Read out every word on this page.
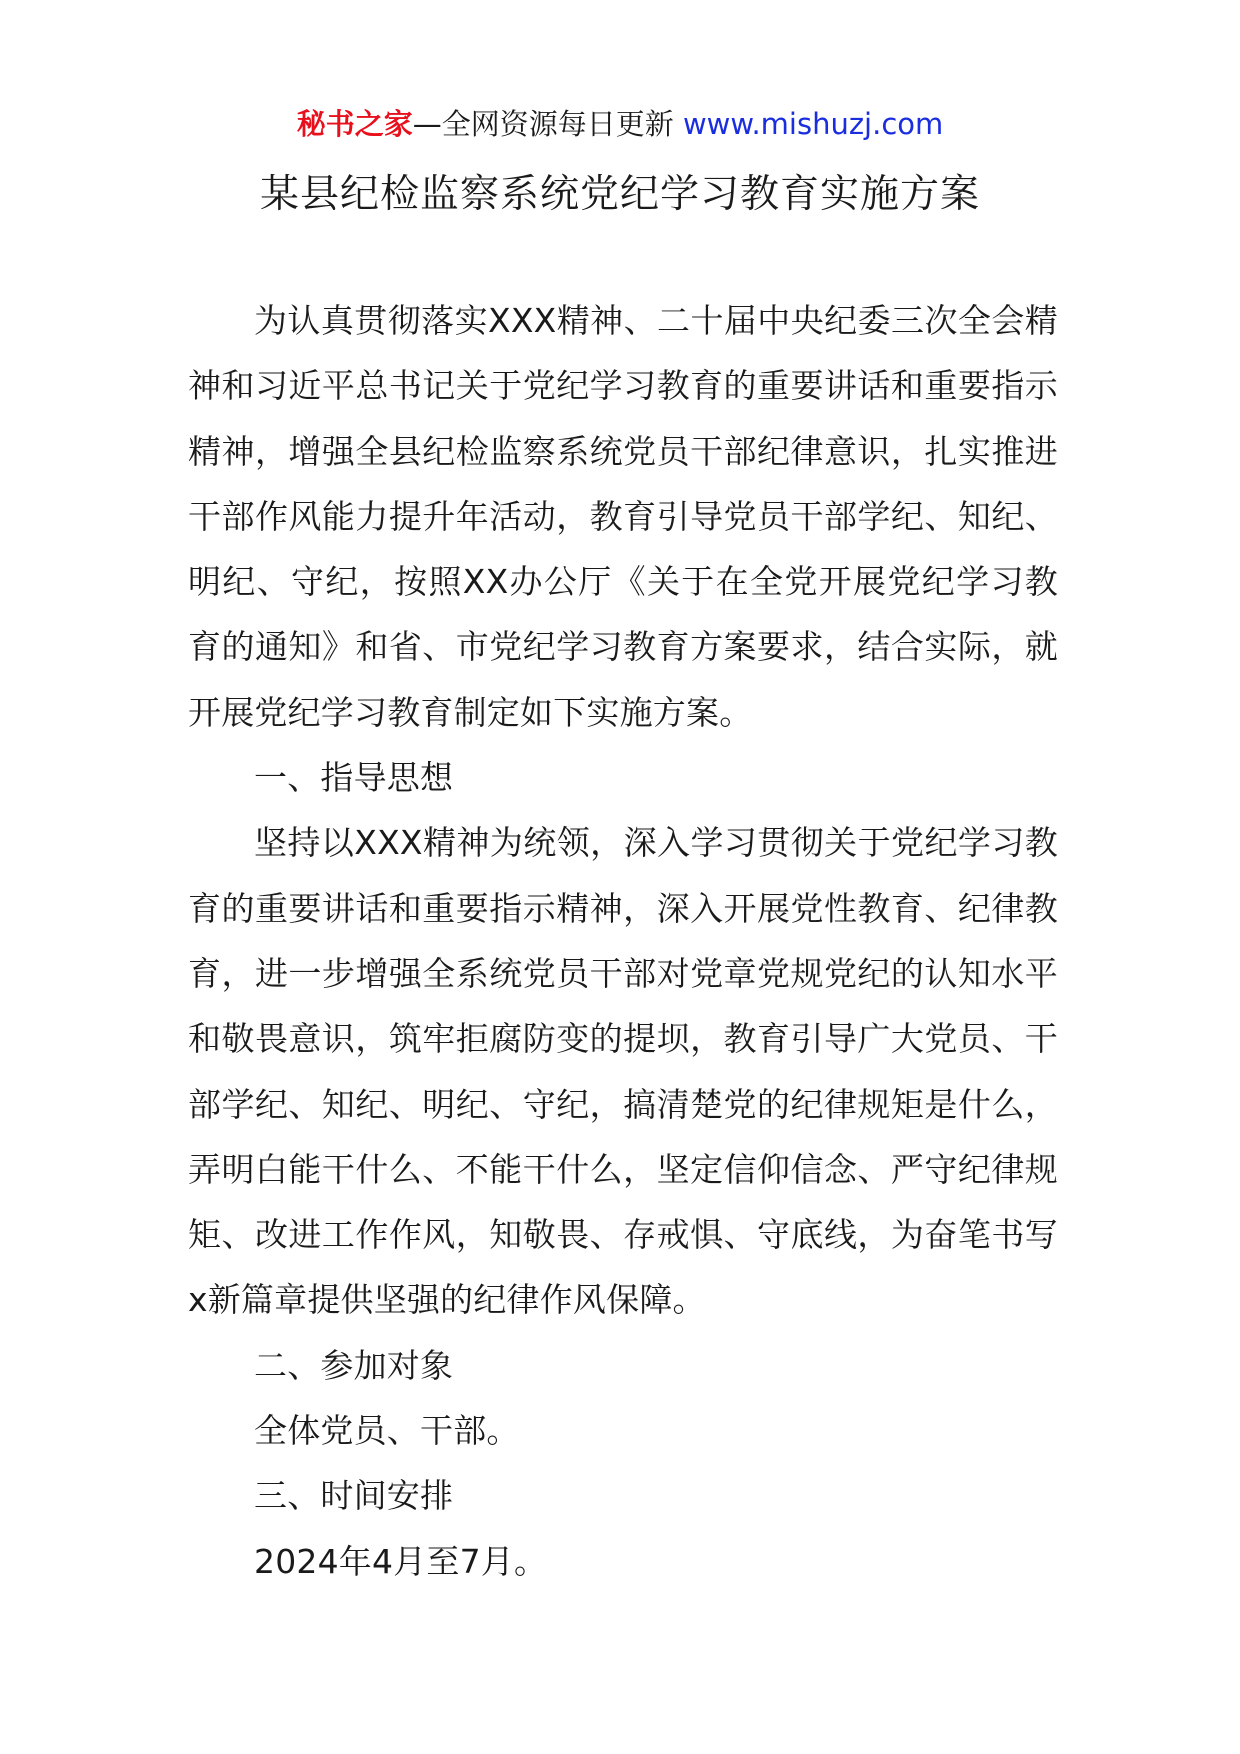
秘书之家—全网资源每日更新 www.mishuzj.com
某县纪检监察系统党纪学习教育实施方案

为认真贯彻落实XXX精神、二十届中央纪委三次全会精神和习近平总书记关于党纪学习教育的重要讲话和重要指示精神，增强全县纪检监察系统党员干部纪律意识，扎实推进干部作风能力提升年活动，教育引导党员干部学纪、知纪、明纪、守纪，按照XX办公厅《关于在全党开展党纪学习教育的通知》和省、市党纪学习教育方案要求，结合实际，就开展党纪学习教育制定如下实施方案。

一、指导思想

坚持以XXX精神为统领，深入学习贯彻关于党纪学习教育的重要讲话和重要指示精神，深入开展党性教育、纪律教育，进一步增强全系统党员干部对党章党规党纪的认知水平和敬畏意识，筑牢拒腐防变的提坝，教育引导广大党员、干部学纪、知纪、明纪、守纪，搞清楚党的纪律规矩是什么，弄明白能干什么、不能干什么，坚定信仰信念、严守纪律规矩、改进工作作风，知敬畏、存戒惧、守底线，为奋笔书写x新篇章提供坚强的纪律作风保障。

二、参加对象

全体党员、干部。

三、时间安排

2024年4月至7月。
